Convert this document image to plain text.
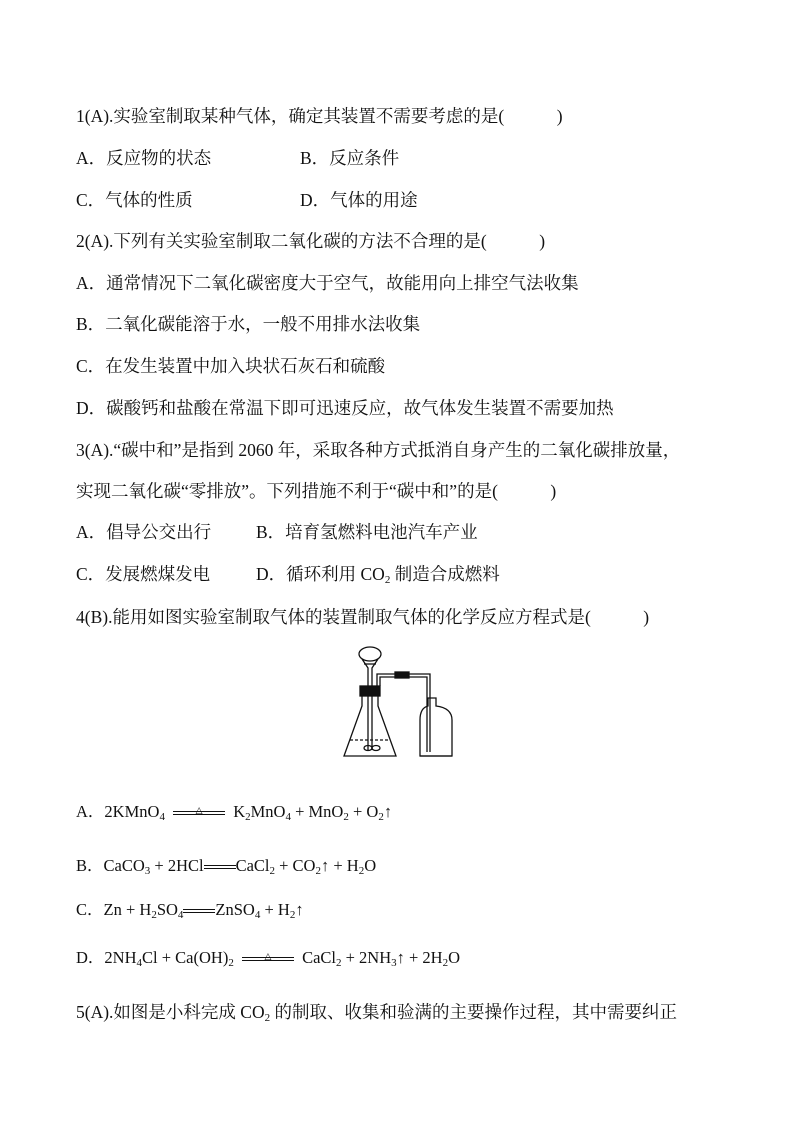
1(A).实验室制取某种气体，确定其装置不需要考虑的是(　　　)
A．反应物的状态	B．反应条件
C．气体的性质	D．气体的用途
2(A).下列有关实验室制取二氧化碳的方法不合理的是(　　　)
A．通常情况下二氧化碳密度大于空气，故能用向上排空气法收集
B．二氧化碳能溶于水，一般不用排水法收集
C．在发生装置中加入块状石灰石和硫酸
D．碳酸钙和盐酸在常温下即可迅速反应，故气体发生装置不需要加热
3(A).“碳中和”是指到 2060 年，采取各种方式抵消自身产生的二氧化碳排放量，
实现二氧化碳“零排放”。下列措施不利于“碳中和”的是(　　　)
A．倡导公交出行	B．培育氢燃料电池汽车产业
C．发展燃煤发电	D．循环利用 $CO_2$ 制造合成燃料
4(B).能用如图实验室制取气体的装置制取气体的化学反应方程式是(　　　)
A．2KMnO$_4$
△	$K_2MnO_4 + MnO_2$ + $O_2↑$
B．CaCO$_3$ + 2HCl CaCl$_2$ + $CO_2↑ + H_2O$
C．$Zn + H_2SO_4$ ZnSO$_4$ + $H_2↑$
D．$2NH_4Cl + Ca(OH)_2$
△	CaCl$_2$ + $2NH_3↑ + 2H_2O$
5(A).如图是小科完成 $CO_2$ 的制取、收集和验满的主要操作过程，其中需要纠正
